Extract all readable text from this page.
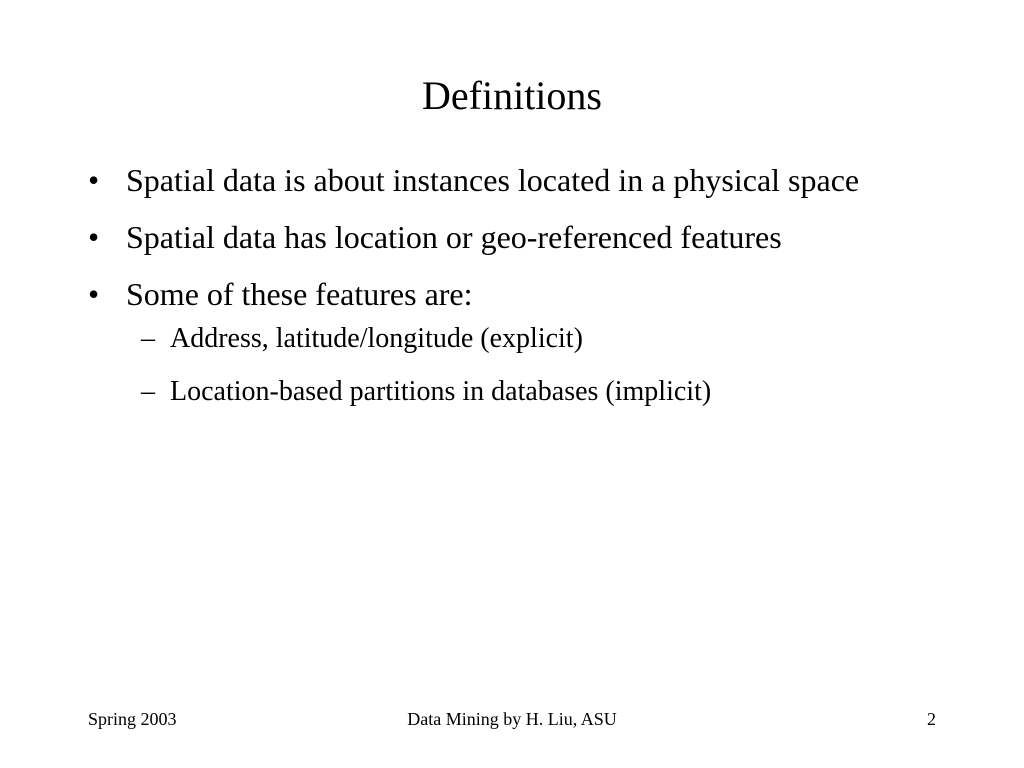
Definitions
• Spatial data is about instances located in a physical space
• Spatial data has location or geo-referenced features
• Some of these features are:
– Address, latitude/longitude (explicit)
– Location-based partitions in databases (implicit)
Spring 2003	Data Mining by H. Liu, ASU	2
